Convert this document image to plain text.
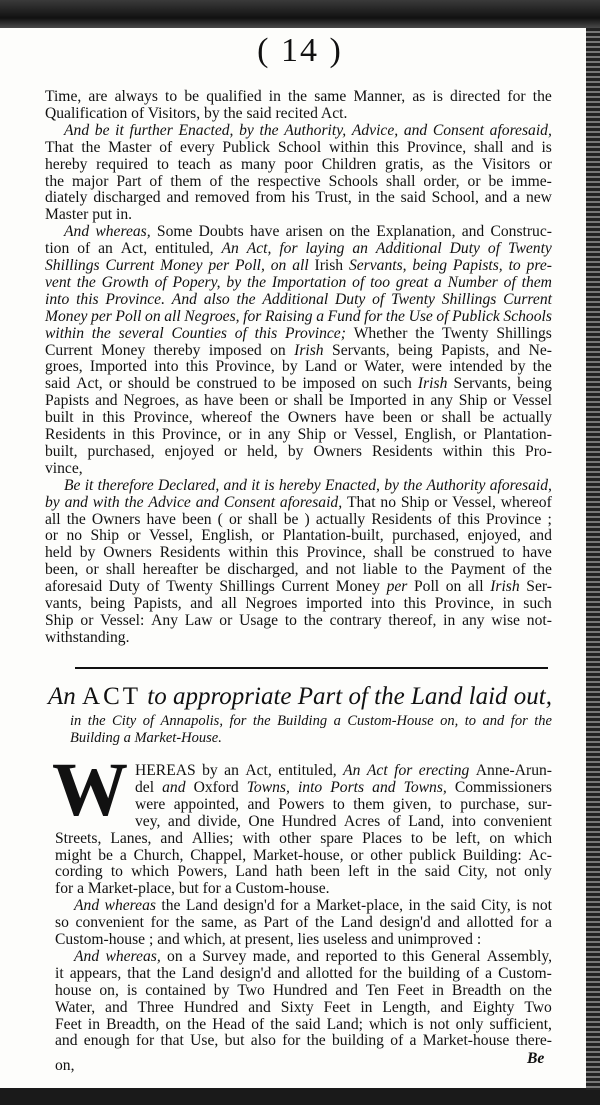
( 14 )
Time, are always to be qualified in the same Manner, as is directed for the
Qualification of Visitors, by the said recited Act.
And be it further Enacted, by the Authority, Advice, and Consent aforesaid,
That the Master of every Publick School within this Province, shall and is
hereby required to teach as many poor Children gratis, as the Visitors or
the major Part of them of the respective Schools shall order, or be imme-
diately discharged and removed from his Trust, in the said School, and a new
Master put in.
And whereas, Some Doubts have arisen on the Explanation, and Construc-
tion of an Act, entituled, An Act, for laying an Additional Duty of Twenty
Shillings Current Money per Poll, on all Irish Servants, being Papists, to pre-
vent the Growth of Popery, by the Importation of too great a Number of them
into this Province. And also the Additional Duty of Twenty Shillings Current
Money per Poll on all Negroes, for Raising a Fund for the Use of Publick Schools
within the several Counties of this Province; Whether the Twenty Shillings
Current Money thereby imposed on Irish Servants, being Papists, and Ne-
groes, Imported into this Province, by Land or Water, were intended by the
said Act, or should be construed to be imposed on such Irish Servants, being
Papists and Negroes, as have been or shall be Imported in any Ship or Vessel
built in this Province, whereof the Owners have been or shall be actually
Residents in this Province, or in any Ship or Vessel, English, or Plantation-
built, purchased, enjoyed or held, by Owners Residents within this Pro-
vince,
Be it therefore Declared, and it is hereby Enacted, by the Authority aforesaid,
by and with the Advice and Consent aforesaid, That no Ship or Vessel, whereof
all the Owners have been ( or shall be ) actually Residents of this Province ;
or no Ship or Vessel, English, or Plantation-built, purchased, enjoyed, and
held by Owners Residents within this Province, shall be construed to have
been, or shall hereafter be discharged, and not liable to the Payment of the
aforesaid Duty of Twenty Shillings Current Money per Poll on all Irish Ser-
vants, being Papists, and all Negroes imported into this Province, in such
Ship or Vessel: Any Law or Usage to the contrary thereof, in any wise not-
withstanding.
An ACT to appropriate Part of the Land laid out,
in the City of Annapolis, for the Building a Custom-House on, to and for the
Building a Market-House.
W HEREAS by an Act, entituled, An Act for erecting Anne-Arun-
del and Oxford Towns, into Ports and Towns, Commissioners
were appointed, and Powers to them given, to purchase, sur-
vey, and divide, One Hundred Acres of Land, into convenient
Streets, Lanes, and Allies; with other spare Places to be left, on which
might be a Church, Chappel, Market-house, or other publick Building: Ac-
cording to which Powers, Land hath been left in the said City, not only
for a Market-place, but for a Custom-house.
And whereas the Land design'd for a Market-place, in the said City, is not
so convenient for the same, as Part of the Land design'd and allotted for a
Custom-house ; and which, at present, lies useless and unimproved :
And whereas, on a Survey made, and reported to this General Assembly,
it appears, that the Land design'd and allotted for the building of a Custom-
house on, is contained by Two Hundred and Ten Feet in Breadth on the
Water, and Three Hundred and Sixty Feet in Length, and Eighty Two
Feet in Breadth, on the Head of the said Land; which is not only sufficient,
and enough for that Use, but also for the building of a Market-house there-
on,	Be
